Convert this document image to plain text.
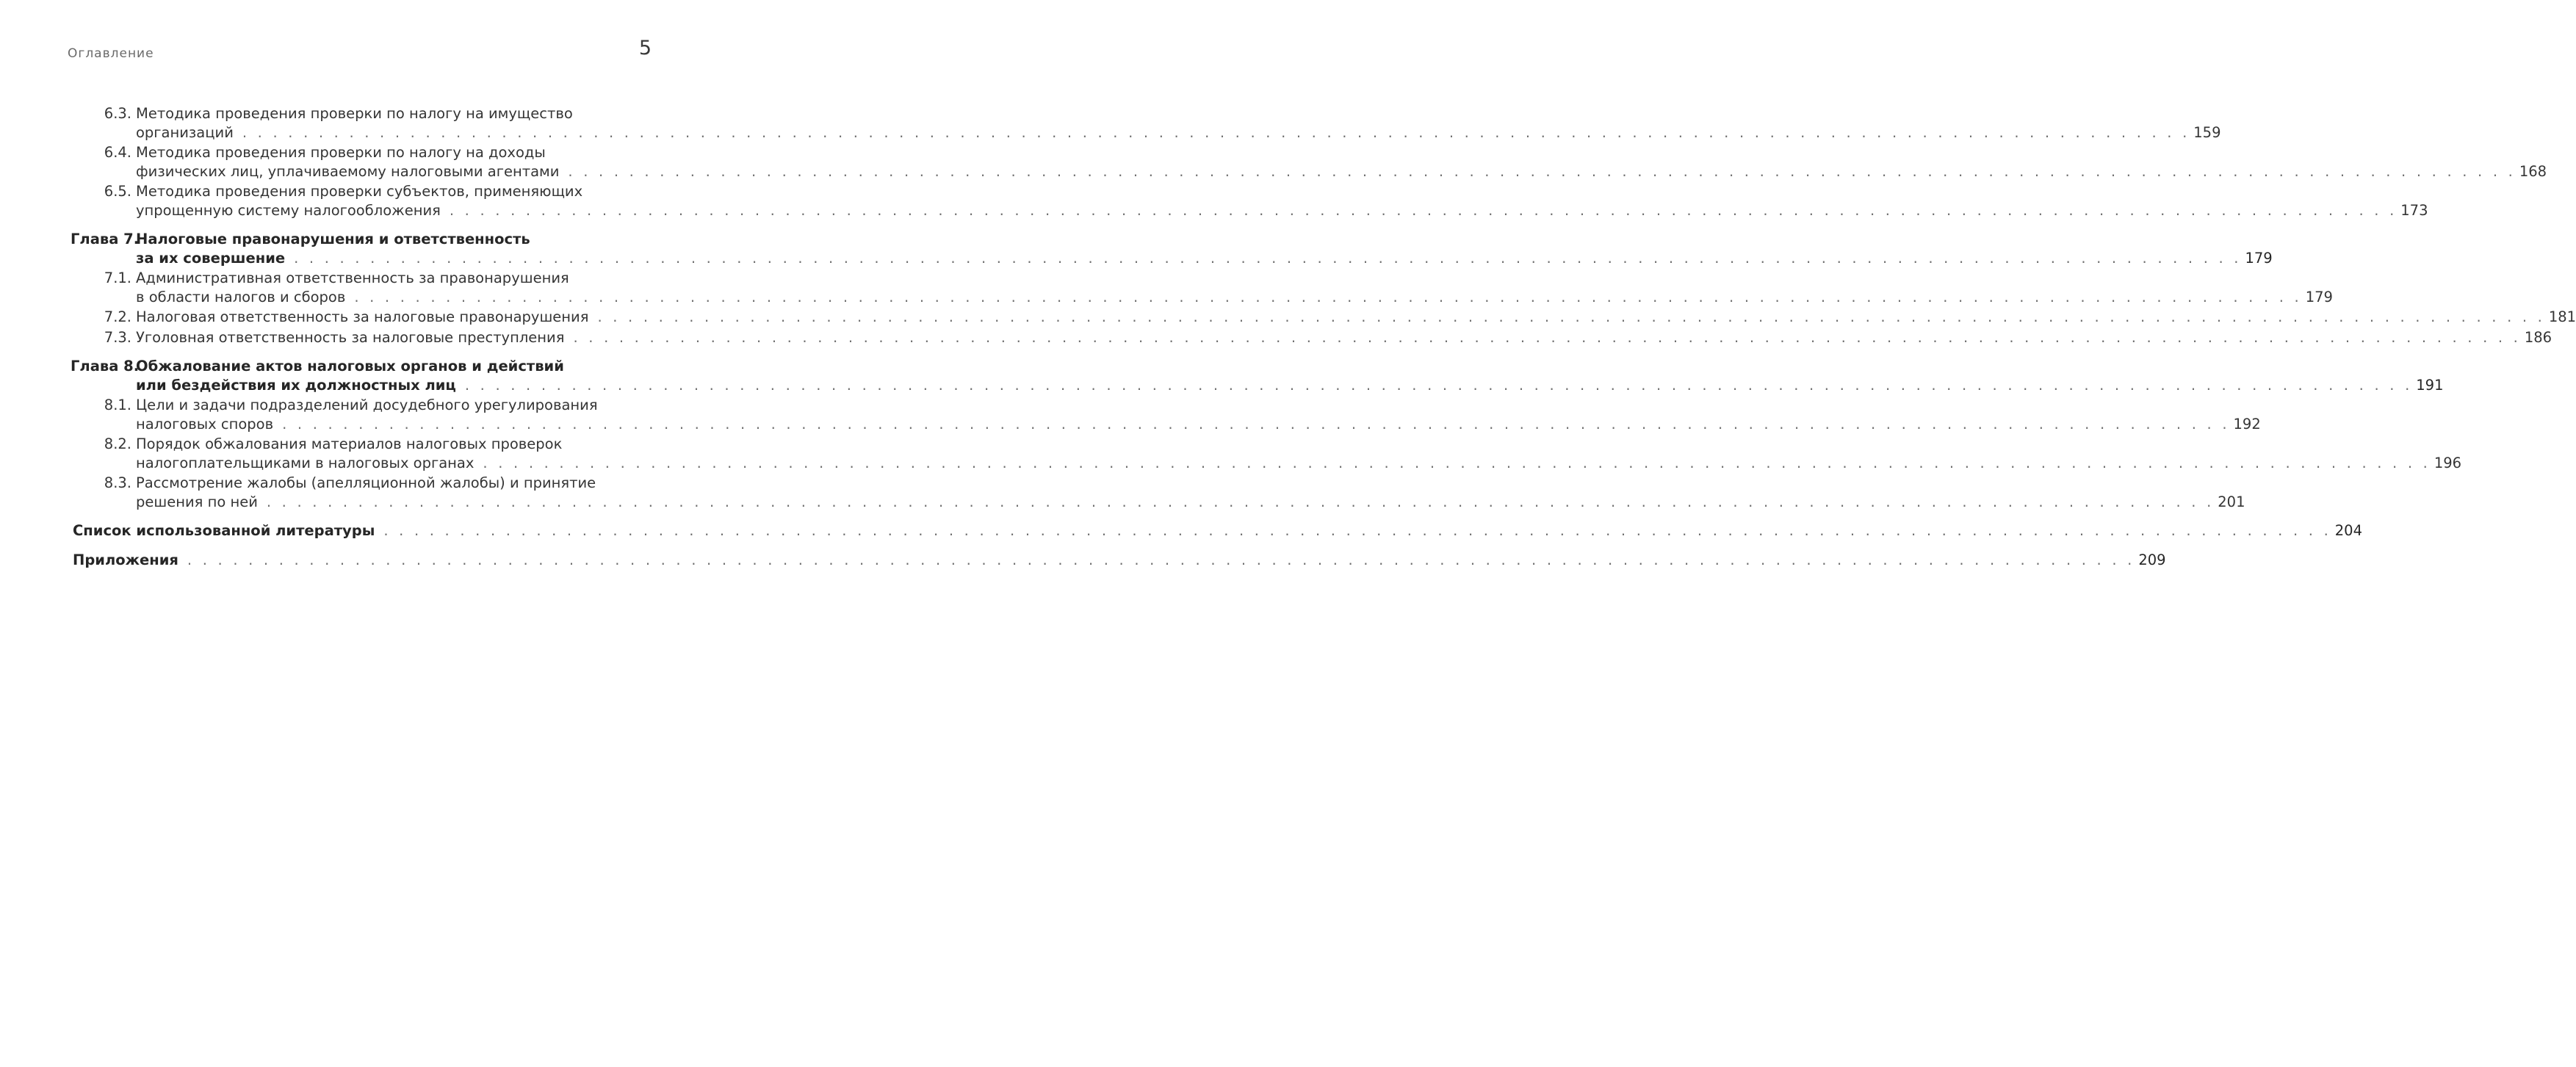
Оглавление	5
6.3. Методика проведения проверки по налогу на имущество
организаций . . .	159
6.4. Методика проведения проверки по налогу на доходы
физических лиц, уплачиваемому налоговыми агентами . . .	168
6.5. Методика проведения проверки субъектов, применяющих
упрощенную систему налогообложения . . .	173
Глава 7.
Налоговые правонарушения и ответственность
за их совершение . . .	179
7.1. Административная ответственность за правонарушения
в области налогов и сборов . . .	179
7.2. Налоговая ответственность за налоговые правонарушения . . .	181
7.3. Уголовная ответственность за налоговые преступления . . .	186
Глава 8.
Обжалование актов налоговых органов и действий
или бездействия их должностных лиц . . .	191
8.1. Цели и задачи подразделений досудебного урегулирования
налоговых споров . . .	192
8.2. Порядок обжалования материалов налоговых проверок
налогоплательщиками в налоговых органах . . .	196
8.3. Рассмотрение жалобы (апелляционной жалобы) и принятие
решения по ней . . .	201
Список использованной литературы . . .	204
Приложения . . .	209
